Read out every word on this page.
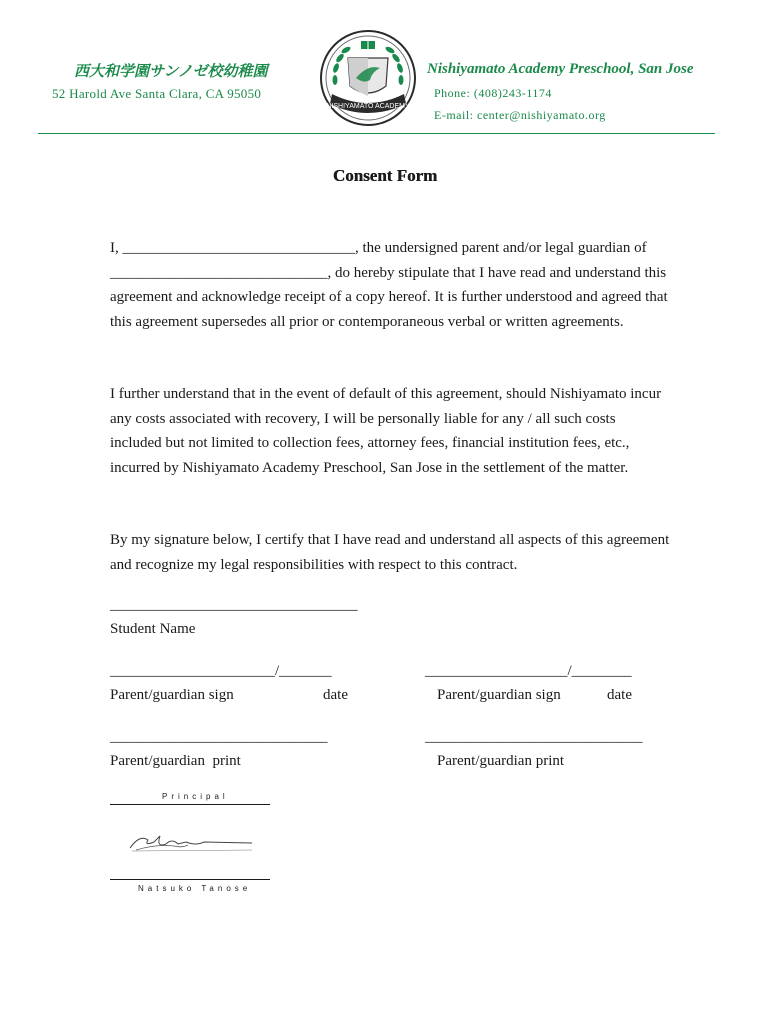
西大和学園サンノゼ校幼稚園
52 Harold Ave Santa Clara, CA 95050
NISHIYAMATO ACADEMY
Nishiyamato Academy Preschool, San Jose
Phone: (408)243-1174
E-mail: center@nishiyamato.org
Consent Form
I, _______________________________, the undersigned parent and/or legal guardian of _____________________________, do hereby stipulate that I have read and understand this agreement and acknowledge receipt of a copy hereof. It is further understood and agreed that this agreement supersedes all prior or contemporaneous verbal or written agreements.
I further understand that in the event of default of this agreement, should Nishiyamato incur any costs associated with recovery, I will be personally liable for any / all such costs included but not limited to collection fees, attorney fees, financial institution fees, etc., incurred by Nishiyamato Academy Preschool, San Jose in the settlement of the matter.
By my signature below, I certify that I have read and understand all aspects of this agreement and recognize my legal responsibilities with respect to this contract.
_________________________________
Student Name
______________________/_______
Parent/guardian sign	date
___________________/________
Parent/guardian sign	date
_____________________________
Parent/guardian  print
_____________________________
Parent/guardian print
Principal
Natsuko Tanose
